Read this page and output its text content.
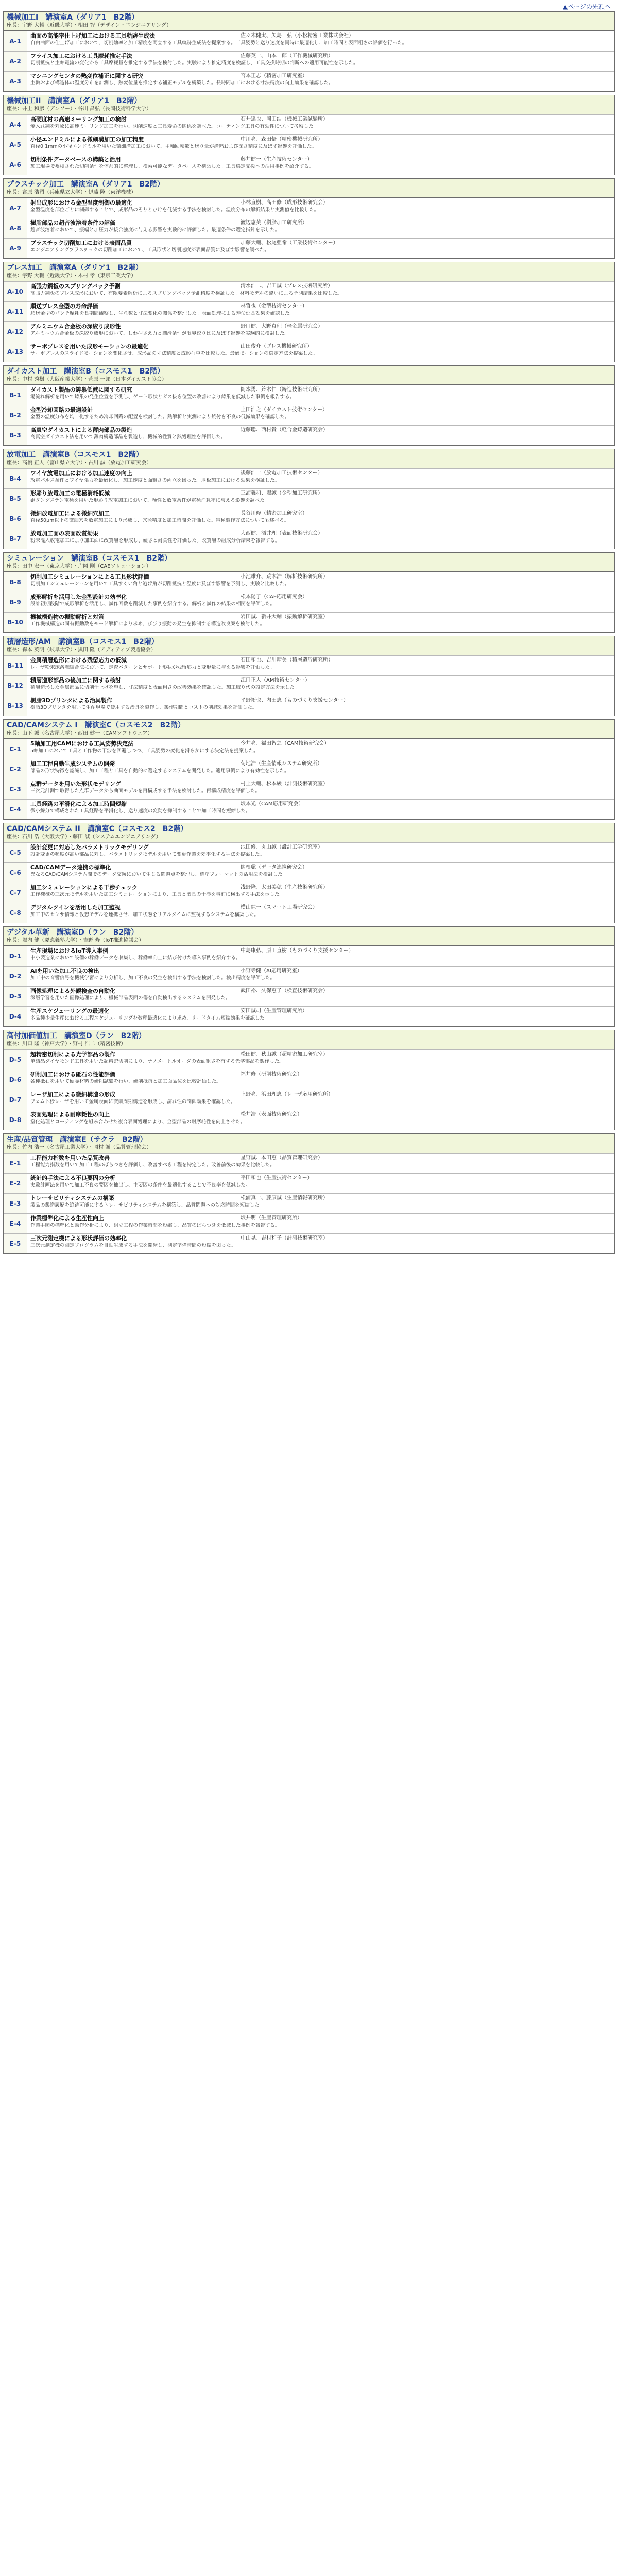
▲ページの先頭へ
機械加工I　講演室A（ダリア1　B2階）
座長：宇野 大輔（近畿大学）・相田 智（デザイン・エンジニアリング）
A-1
曲面の高能率仕上げ加工における工具軌跡生成法	佐々木健太、矢島一弘（小松精密工業株式会社）
自由曲面の仕上げ加工において、切削効率と加工精度を両立する工具軌跡生成法を提案する。工具姿勢と送り速度を同時に最適化し、加工時間と表面粗さの評価を行った。
A-2
フライス加工における工具摩耗推定手法	佐藤英一、山本一郎（工作機械研究所）
切削抵抗と主軸電流の変化から工具摩耗量を推定する手法を検討した。実験により推定精度を検証し、工具交換時期の判断への適用可能性を示した。
A-3
マシニングセンタの熱変位補正に関する研究	宮本正志（精密加工研究室）
主軸および構造体の温度分布を計測し、熱変位量を推定する補正モデルを構築した。長時間加工における寸法精度の向上効果を確認した。
機械加工II　講演室A（ダリア1　B2階）
座長：井上 和彦（デンソー）・谷川 昌弘（長岡技術科学大学）
A-4
高硬度材の高速ミーリング加工の検討	石井達也、岡田浩（機械工業試験所）
焼入れ鋼を対象に高速ミーリング加工を行い、切削速度と工具寿命の関係を調べた。コーティング工具の有効性について考察した。
A-5
小径エンドミルによる微細溝加工の加工精度	中川亮、森田悟（精密機械研究所）
直径0.1mmの小径エンドミルを用いた微細溝加工において、主軸回転数と送り量が溝幅および深さ精度に及ぼす影響を評価した。
A-6
切削条件データベースの構築と活用	藤井健一（生産技術センター）
加工現場で蓄積された切削条件を体系的に整理し、検索可能なデータベースを構築した。工具選定支援への活用事例を紹介する。
プラスチック加工　講演室A（ダリア1　B2階）
座長：宮原 浩司（兵庫県立大学）・伊藤 隆（東洋機械）
A-7
射出成形における金型温度制御の最適化	小林直樹、高田修（成形技術研究会）
金型温度を部位ごとに制御することで、成形品のそりとひけを低減する手法を検討した。温度分布の解析結果と実測値を比較した。
A-8
樹脂部品の超音波溶着条件の評価	渡辺恵美（樹脂加工研究所）
超音波溶着において、振幅と加圧力が接合強度に与える影響を実験的に評価した。最適条件の選定指針を示した。
A-9
プラスチック切削加工における表面品質	加藤大輔、松尾亜希（工業技術センター）
エンジニアリングプラスチックの切削加工において、工具形状と切削速度が表面品質に及ぼす影響を調べた。
プレス加工　講演室A（ダリア1　B2階）
座長：宇野 大輔（近畿大学）・木村 孝（東京工業大学）
A-10
高張力鋼板のスプリングバック予測	清水浩二、吉田誠（プレス技術研究所）
高張力鋼板のプレス成形において、有限要素解析によるスプリングバック予測精度を検証した。材料モデルの違いによる予測結果を比較した。
A-11
順送プレス金型の寿命評価	林哲也（金型技術センター）
順送金型のパンチ摩耗を長期間観察し、生産数と寸法変化の関係を整理した。表面処理による寿命延長効果を確認した。
A-12
アルミニウム合金板の深絞り成形性	野口健、大野真理（軽金属研究会）
アルミニウム合金板の深絞り成形において、しわ押さえ力と潤滑条件が限界絞り比に及ぼす影響を実験的に検討した。
A-13
サーボプレスを用いた成形モーションの最適化	山田俊介（プレス機械研究所）
サーボプレスのスライドモーションを変化させ、成形品の寸法精度と成形荷重を比較した。最適モーションの選定方法を提案した。
ダイカスト加工　講演室B（コスモス1　B2階）
座長：中村 秀樹（大阪産業大学）・菅原 一郎（日本ダイカスト協会）
B-1
ダイカスト製品の鋳巣低減に関する研究	岡本勇、鈴木仁（鋳造技術研究所）
湯流れ解析を用いて鋳巣の発生位置を予測し、ゲート形状とガス抜き位置の改善により鋳巣を低減した事例を報告する。
B-2
金型冷却回路の最適設計	上田浩之（ダイカスト技術センター）
金型の温度分布を均一化するため冷却回路の配置を検討した。熱解析と実測により焼付き不良の低減効果を確認した。
B-3
高真空ダイカストによる薄肉部品の製造	近藤聡、西村貴（軽合金鋳造研究会）
高真空ダイカスト法を用いて薄肉構造部品を製造し、機械的性質と熱処理性を評価した。
放電加工　講演室B（コスモス1　B2階）
座長：高橋 正人（富山県立大学）・古川 誠（放電加工研究会）
B-4
ワイヤ放電加工における加工速度の向上	後藤浩一（放電加工技術センター）
放電パルス条件とワイヤ張力を最適化し、加工速度と面粗さの両立を図った。厚板加工における効果を検証した。
B-5
形彫り放電加工の電極消耗低減	三浦義和、堀誠（金型加工研究所）
銅タングステン電極を用いた形彫り放電加工において、極性と放電条件が電極消耗率に与える影響を調べた。
B-6
微細放電加工による微細穴加工	長谷川修（精密加工研究室）
直径50μm以下の微細穴を放電加工により形成し、穴径精度と加工時間を評価した。電極製作方法についても述べる。
B-7
放電加工面の表面改質効果	大西健、酒井理（表面技術研究会）
粉末混入放電加工により加工面に改質層を形成し、硬さと耐食性を評価した。改質層の組成分析結果を報告する。
シミュレーション　講演室B（コスモス1　B2階）
座長：田中 宏一（東京大学）・片岡 剛（CAEソリューション）
B-8
切削加工シミュレーションによる工具形状評価	小池雄介、荒木浩（解析技術研究所）
切削加工シミュレーションを用いて工具すくい角と逃げ角が切削抵抗と温度に及ぼす影響を予測し、実験と比較した。
B-9
成形解析を活用した金型設計の効率化	松本陽子（CAE応用研究会）
設計初期段階で成形解析を活用し、試作回数を削減した事例を紹介する。解析と試作の結果の相関を評価した。
B-10
機械構造物の振動解析と対策	岩田誠、新井大輔（振動解析研究室）
工作機械構造の固有振動数をモード解析により求め、びびり振動の発生を抑制する構造改良案を検討した。
積層造形/AM　講演室B（コスモス1　B2階）
座長：森本 英明（岐阜大学）・黒田 隆（アディティブ製造協会）
B-11
金属積層造形における残留応力の低減	石田和也、吉川晴美（積層造形研究所）
レーザ粉末床溶融結合法において、走査パターンとサポート形状が残留応力と変形量に与える影響を評価した。
B-12
積層造形部品の後加工に関する検討	江口正人（AM技術センター）
積層造形した金属部品に切削仕上げを施し、寸法精度と表面粗さの改善効果を確認した。加工取り代の設定方法を示した。
B-13
樹脂3Dプリンタによる治具製作	平野拓也、内田恵（ものづくり支援センター）
樹脂3Dプリンタを用いて生産現場で使用する治具を製作し、製作期間とコストの削減効果を評価した。
CAD/CAMシステム I　講演室C（コスモス2　B2階）
座長：山下 誠（名古屋大学）・西田 健一（CAMソフトウェア）
C-1
5軸加工用CAMにおける工具姿勢決定法	今井亮、福田智之（CAM技術研究会）
5軸加工において工具と工作物の干渉を回避しつつ、工具姿勢の変化を滑らかにする決定法を提案した。
C-2
加工工程自動生成システムの開発	菊地浩（生産情報システム研究所）
部品の形状特徴を認識し、加工工程と工具を自動的に選定するシステムを開発した。適用事例により有効性を示した。
C-3
点群データを用いた形状モデリング	村上大輔、杉本綾（計測技術研究室）
三次元計測で取得した点群データから曲面モデルを再構成する手法を検討した。再構成精度を評価した。
C-4
工具経路の平滑化による加工時間短縮	坂本光（CAM応用研究会）
微小線分で構成された工具経路を平滑化し、送り速度の変動を抑制することで加工時間を短縮した。
CAD/CAMシステム II　講演室C（コスモス2　B2階）
座長：石川 浩（大阪大学）・藤田 誠（システムエンジニアリング）
C-5
設計変更に対応したパラメトリックモデリング	池田修、丸山誠（設計工学研究室）
設計変更の頻度が高い部品に対し、パラメトリックモデルを用いて変更作業を効率化する手法を提案した。
C-6
CAD/CAMデータ連携の標準化	関根聡（データ連携研究会）
異なるCAD/CAMシステム間でのデータ交換において生じる問題点を整理し、標準フォーマットの活用法を検討した。
C-7
加工シミュレーションによる干渉チェック	浅野隆、太田美穂（生産技術研究所）
工作機械の三次元モデルを用いた加工シミュレーションにより、工具と治具の干渉を事前に検出する手法を示した。
C-8
デジタルツインを活用した加工監視	横山純一（スマート工場研究会）
加工中のセンサ情報と仮想モデルを連携させ、加工状態をリアルタイムに監視するシステムを構築した。
デジタル革新　講演室D（ラン　B2階）
座長：堀内 健（慶應義塾大学）・吉野 修（IoT推進協議会）
D-1
生産現場におけるIoT導入事例	中島康弘、原田直樹（ものづくり支援センター）
中小製造業において設備の稼働データを収集し、稼働率向上に結び付けた導入事例を紹介する。
D-2
AIを用いた加工不良の検出	小野寺健（AI応用研究室）
加工中の音響信号を機械学習により分析し、加工不良の発生を検出する手法を検討した。検出精度を評価した。
D-3
画像処理による外観検査の自動化	武田裕、久保恵子（検査技術研究会）
深層学習を用いた画像処理により、機械部品表面の傷を自動検出するシステムを開発した。
D-4
生産スケジューリングの最適化	安田誠司（生産管理研究所）
多品種少量生産における工程スケジューリングを数理最適化により求め、リードタイム短縮効果を確認した。
高付加価値加工　講演室D（ラン　B2階）
座長：川口 隆（神戸大学）・野村 浩二（精密技術）
D-5
超精密切削による光学部品の製作	松田健、秋山誠（超精密加工研究室）
単結晶ダイヤモンド工具を用いた超精密切削により、ナノメートルオーダの表面粗さを有する光学部品を製作した。
D-6
研削加工における砥石の性能評価	福井修（研削技術研究会）
各種砥石を用いて硬脆材料の研削試験を行い、研削抵抗と加工面品位を比較評価した。
D-7
レーザ加工による微細構造の形成	上野亮、浜田理恵（レーザ応用研究所）
フェムト秒レーザを用いて金属表面に微細周期構造を形成し、濡れ性の制御効果を確認した。
D-8
表面処理による耐摩耗性の向上	松井浩（表面技術研究会）
窒化処理とコーティングを組み合わせた複合表面処理により、金型部品の耐摩耗性を向上させた。
生産/品質管理　講演室E（サクラ　B2階）
座長：竹内 浩一（名古屋工業大学）・岡村 誠（品質管理協会）
E-1
工程能力指数を用いた品質改善	星野誠、本田恵（品質管理研究会）
工程能力指数を用いて加工工程のばらつきを評価し、改善すべき工程を特定した。改善前後の効果を比較した。
E-2
統計的手法による不良要因の分析	平田和也（生産技術センター）
実験計画法を用いて加工不良の要因を抽出し、主要因の条件を最適化することで不良率を低減した。
E-3
トレーサビリティシステムの構築	松浦真一、藤原誠（生産情報研究所）
製品の製造履歴を追跡可能にするトレーサビリティシステムを構築し、品質問題への対応時間を短縮した。
E-4
作業標準化による生産性向上	坂井明（生産管理研究所）
作業手順の標準化と動作分析により、組立工程の作業時間を短縮し、品質のばらつきを低減した事例を報告する。
E-5
三次元測定機による形状評価の効率化	中山晃、吉村和子（計測技術研究室）
三次元測定機の測定プログラムを自動生成する手法を開発し、測定準備時間の短縮を図った。
